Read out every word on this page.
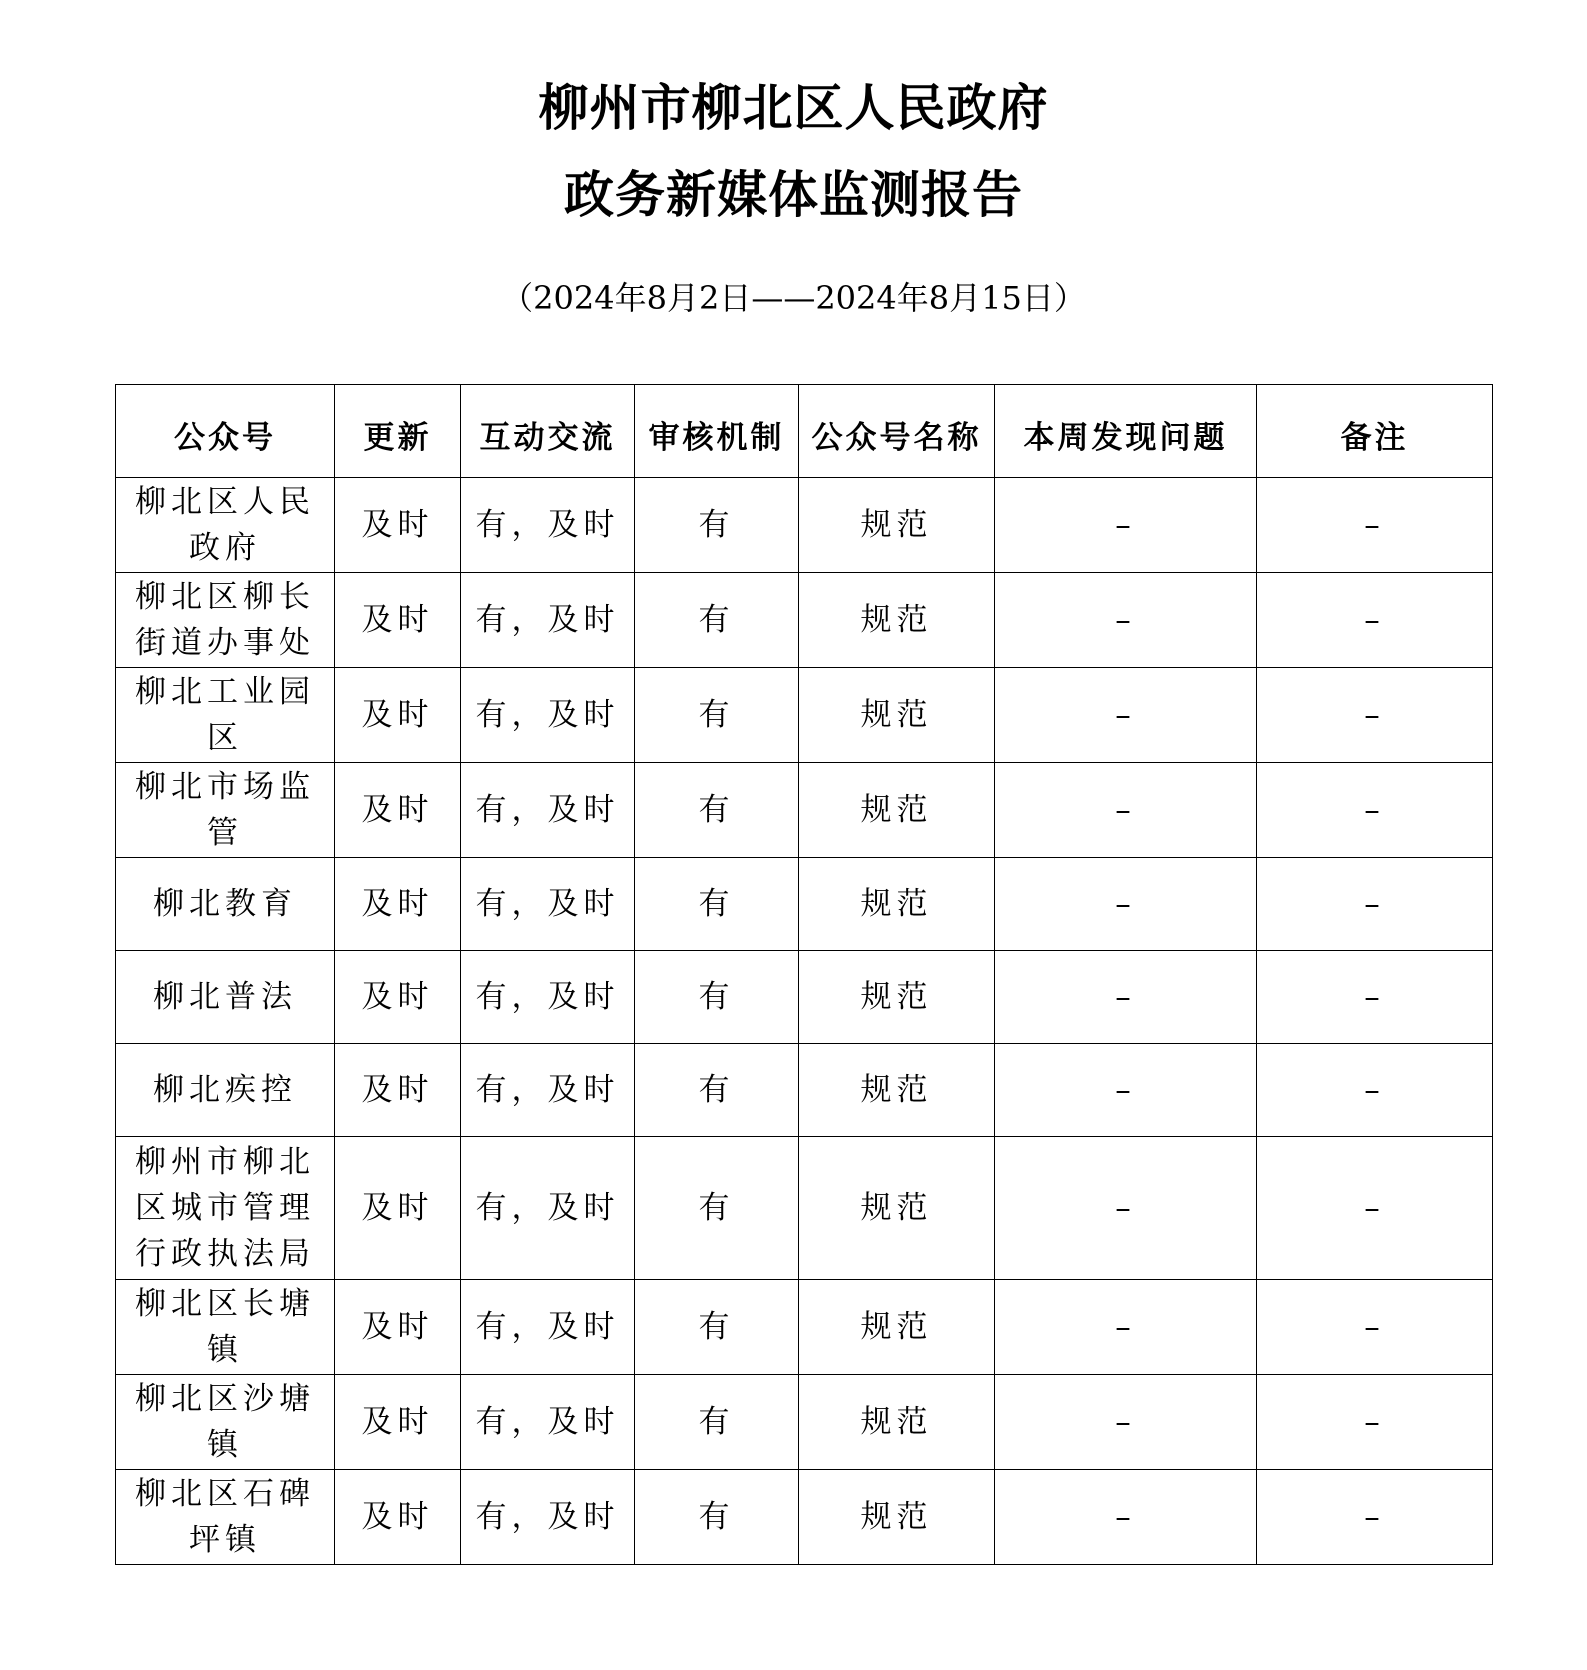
柳州市柳北区人民政府
政务新媒体监测报告
（2024年8月2日——2024年8月15日）
公众号	更新	互动交流	审核机制	公众号名称	本周发现问题	备注
柳北区人民政府	及时	有，及时	有	规范	–	–
柳北区柳长街道办事处	及时	有，及时	有	规范	–	–
柳北工业园区	及时	有，及时	有	规范	–	–
柳北市场监管	及时	有，及时	有	规范	–	–
柳北教育	及时	有，及时	有	规范	–	–
柳北普法	及时	有，及时	有	规范	–	–
柳北疾控	及时	有，及时	有	规范	–	–
柳州市柳北区城市管理行政执法局	及时	有，及时	有	规范	–	–
柳北区长塘镇	及时	有，及时	有	规范	–	–
柳北区沙塘镇	及时	有，及时	有	规范	–	–
柳北区石碑坪镇	及时	有，及时	有	规范	–	–
